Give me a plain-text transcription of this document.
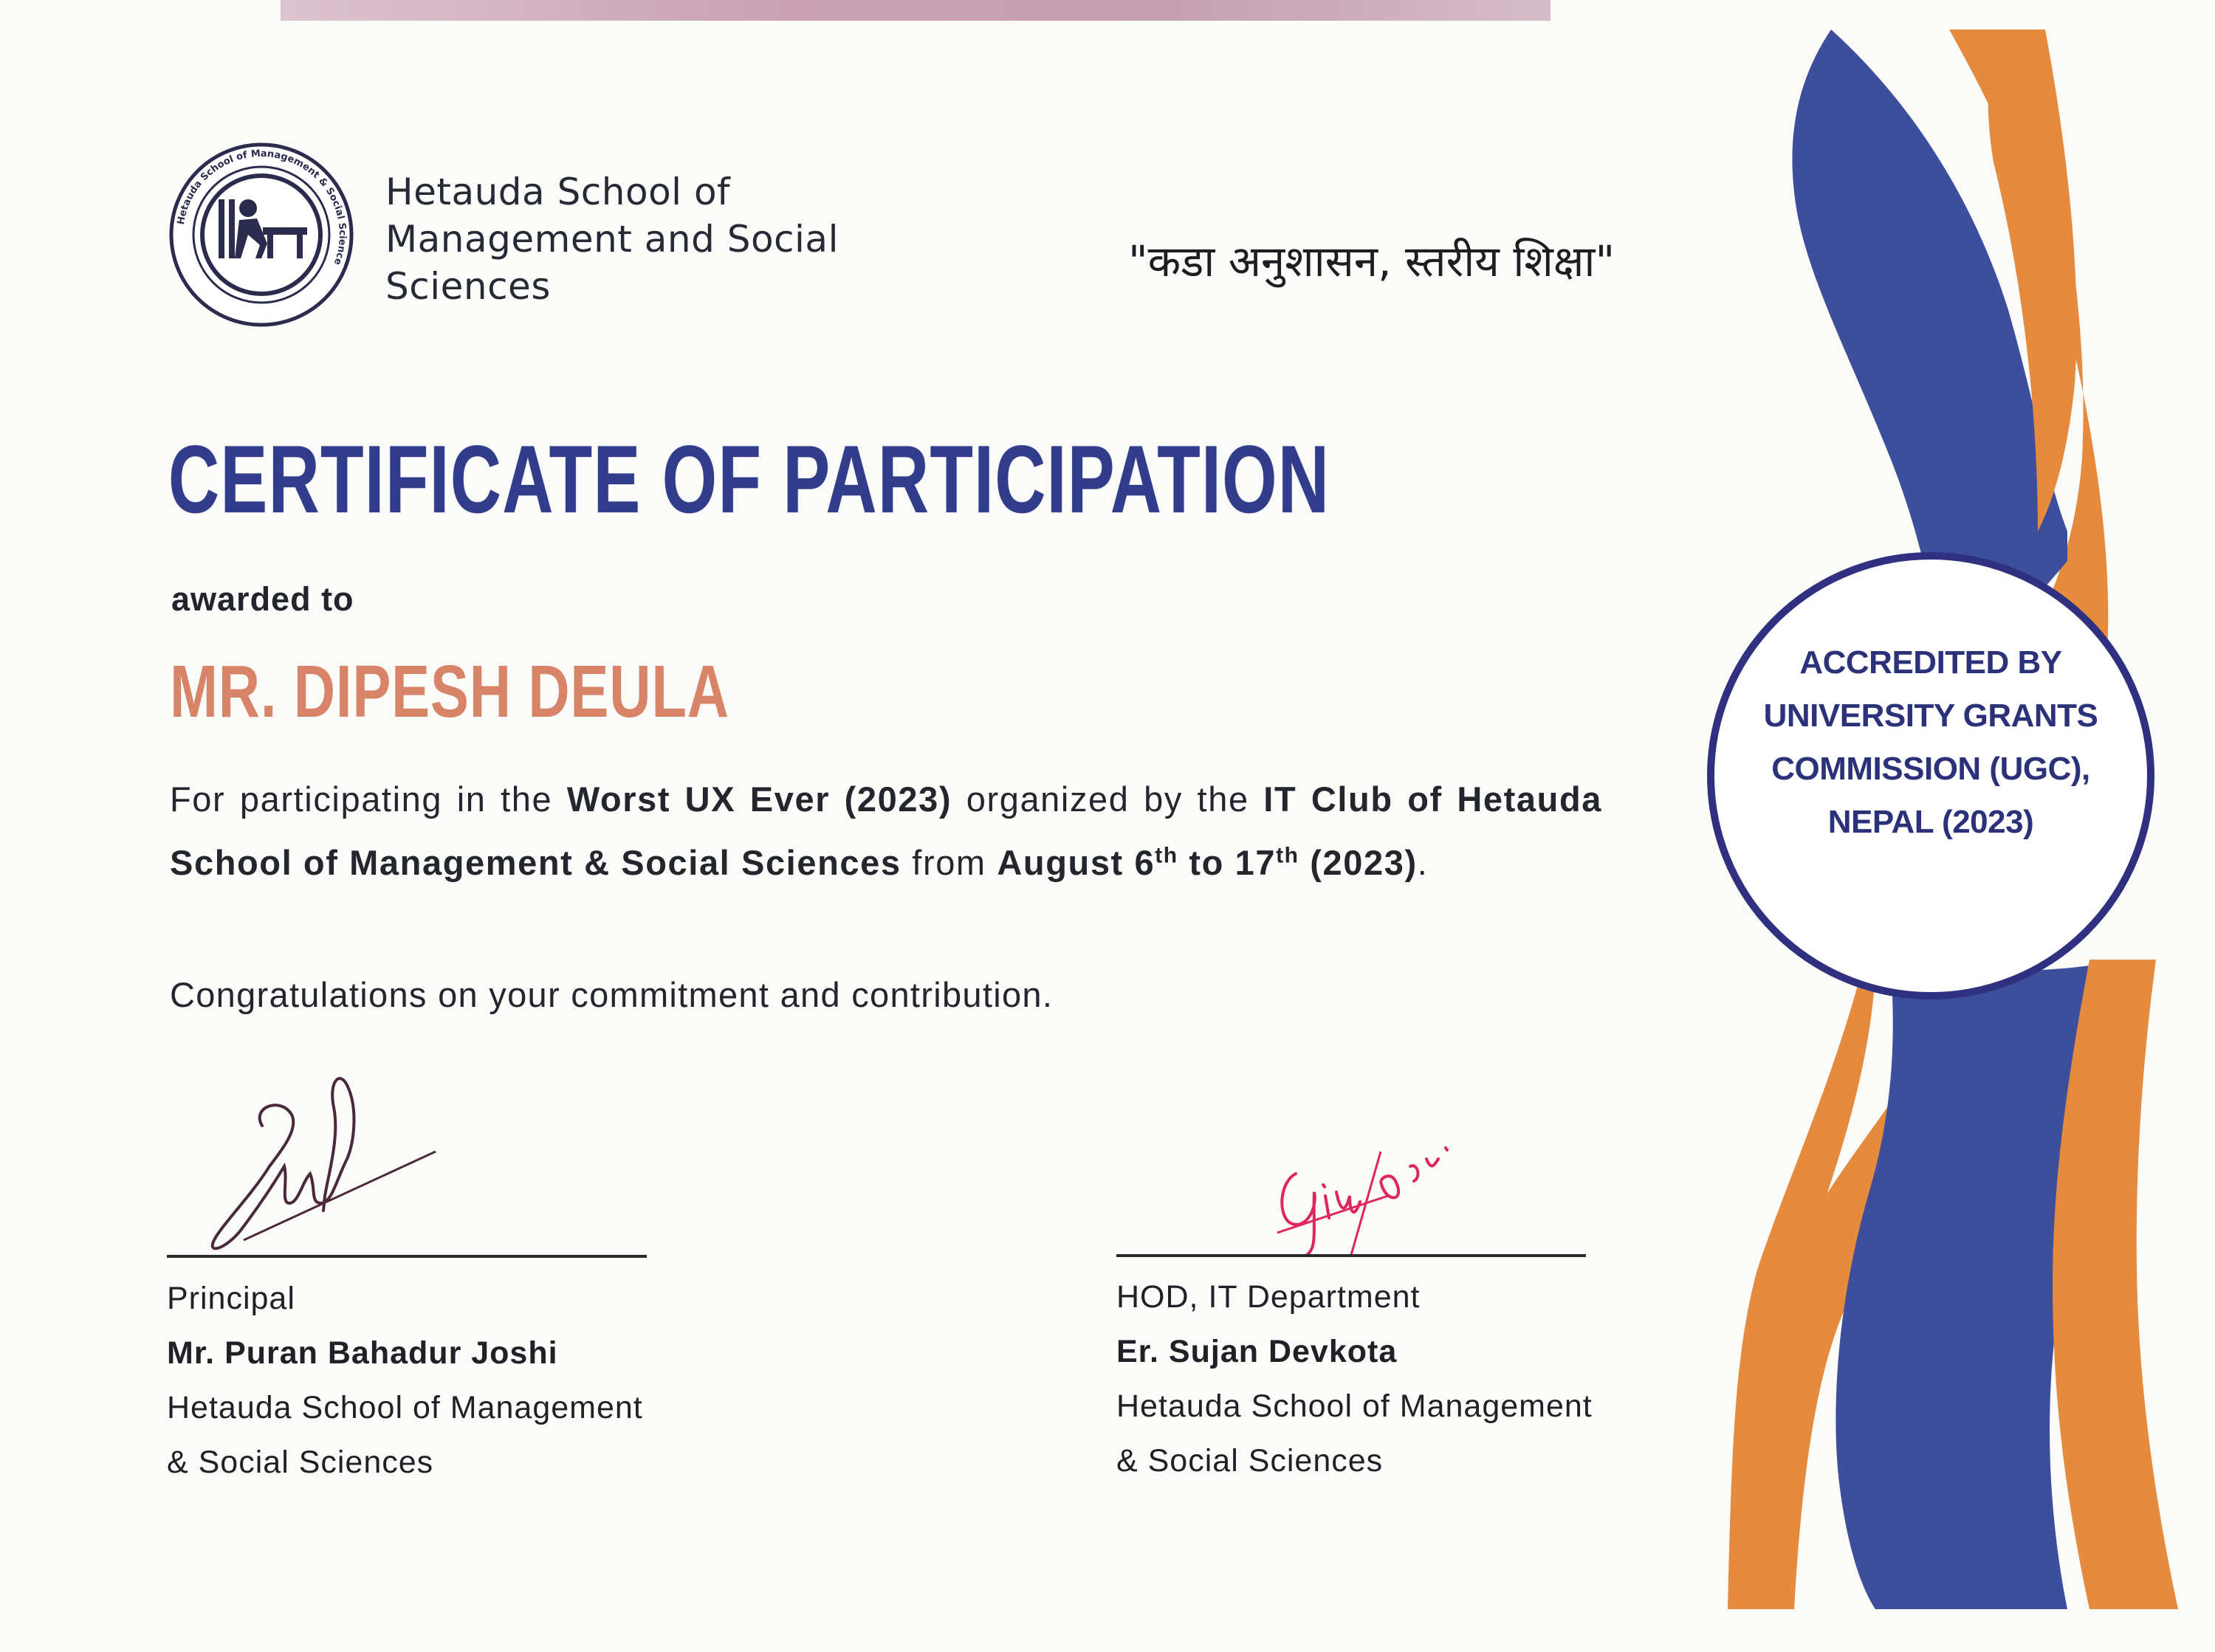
Hetauda School of Management & Social Science
Hetauda School of
Management and Social
Sciences	"कडा अनुशासन, स्तरीय शिक्षा"
CERTIFICATE OF PARTICIPATION
awarded to
MR. DIPESH DEULA
For participating in the Worst UX Ever (2023) organized by the IT Club of Hetauda School of Management & Social Sciences from August 6th to 17th (2023).
Congratulations on your commitment and contribution.
Principal
Mr. Puran Bahadur Joshi
Hetauda School of Management
& Social Sciences
HOD, IT Department
Er. Sujan Devkota
Hetauda School of Management
& Social Sciences
ACCREDITED BY
UNIVERSITY GRANTS
COMMISSION (UGC),
NEPAL (2023)
